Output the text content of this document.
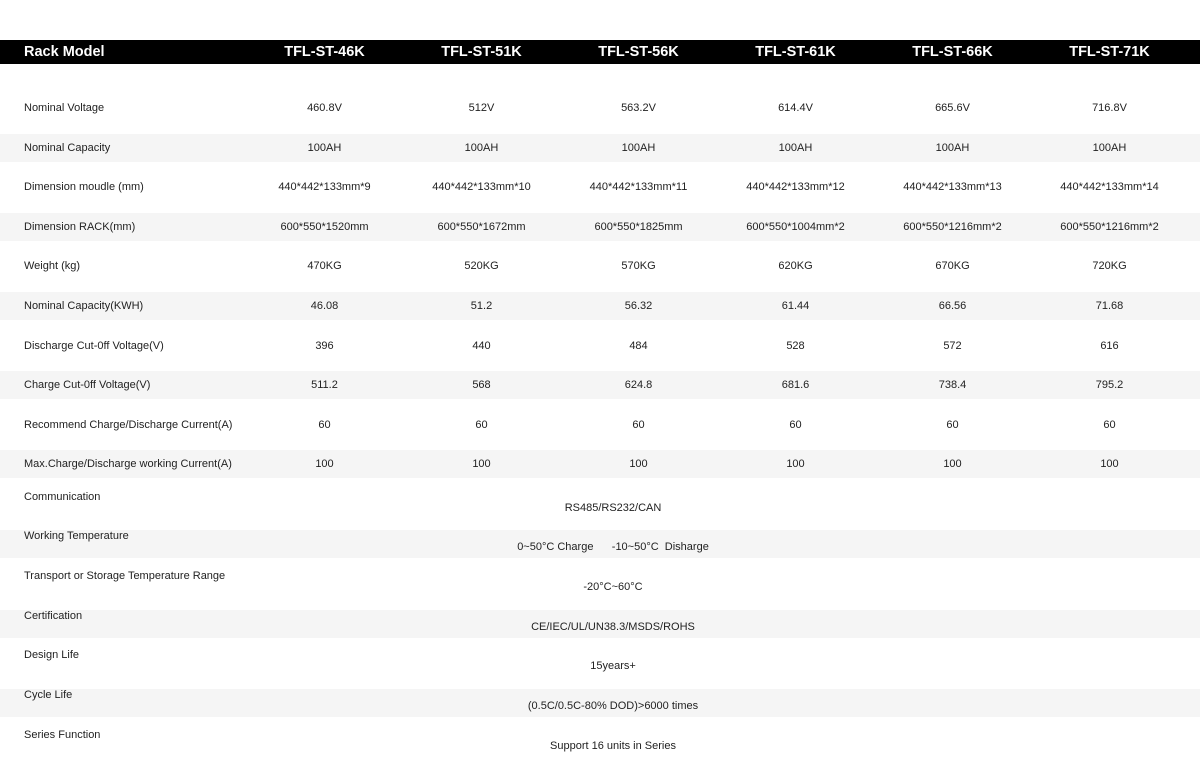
Rack Model	TFL-ST-46K	TFL-ST-51K	TFL-ST-56K	TFL-ST-61K	TFL-ST-66K	TFL-ST-71K
Nominal Voltage	460.8V	512V	563.2V	614.4V	665.6V	716.8V
Nominal Capacity	100AH	100AH	100AH	100AH	100AH	100AH
Dimension moudle (mm)	440*442*133mm*9	440*442*133mm*10	440*442*133mm*11	440*442*133mm*12	440*442*133mm*13	440*442*133mm*14
Dimension RACK(mm)	600*550*1520mm	600*550*1672mm	600*550*1825mm	600*550*1004mm*2	600*550*1216mm*2	600*550*1216mm*2
Weight (kg)	470KG	520KG	570KG	620KG	670KG	720KG
Nominal Capacity(KWH)	46.08	51.2	56.32	61.44	66.56	71.68
Discharge Cut-0ff Voltage(V)	396	440	484	528	572	616
Charge Cut-0ff Voltage(V)	511.2	568	624.8	681.6	738.4	795.2
Recommend Charge/Discharge Current(A)	60	60	60	60	60	60
Max.Charge/Discharge working Current(A)	100	100	100	100	100	100
Communication
RS485/RS232/CAN
Working Temperature
0~50°C Charge      -10~50°C  Disharge
Transport or Storage Temperature Range
-20°C~60°C
Certification
CE/IEC/UL/UN38.3/MSDS/ROHS
Design Life
15years+
Cycle Life
(0.5C/0.5C-80% DOD)>6000 times
Series Function
Support 16 units in Series
